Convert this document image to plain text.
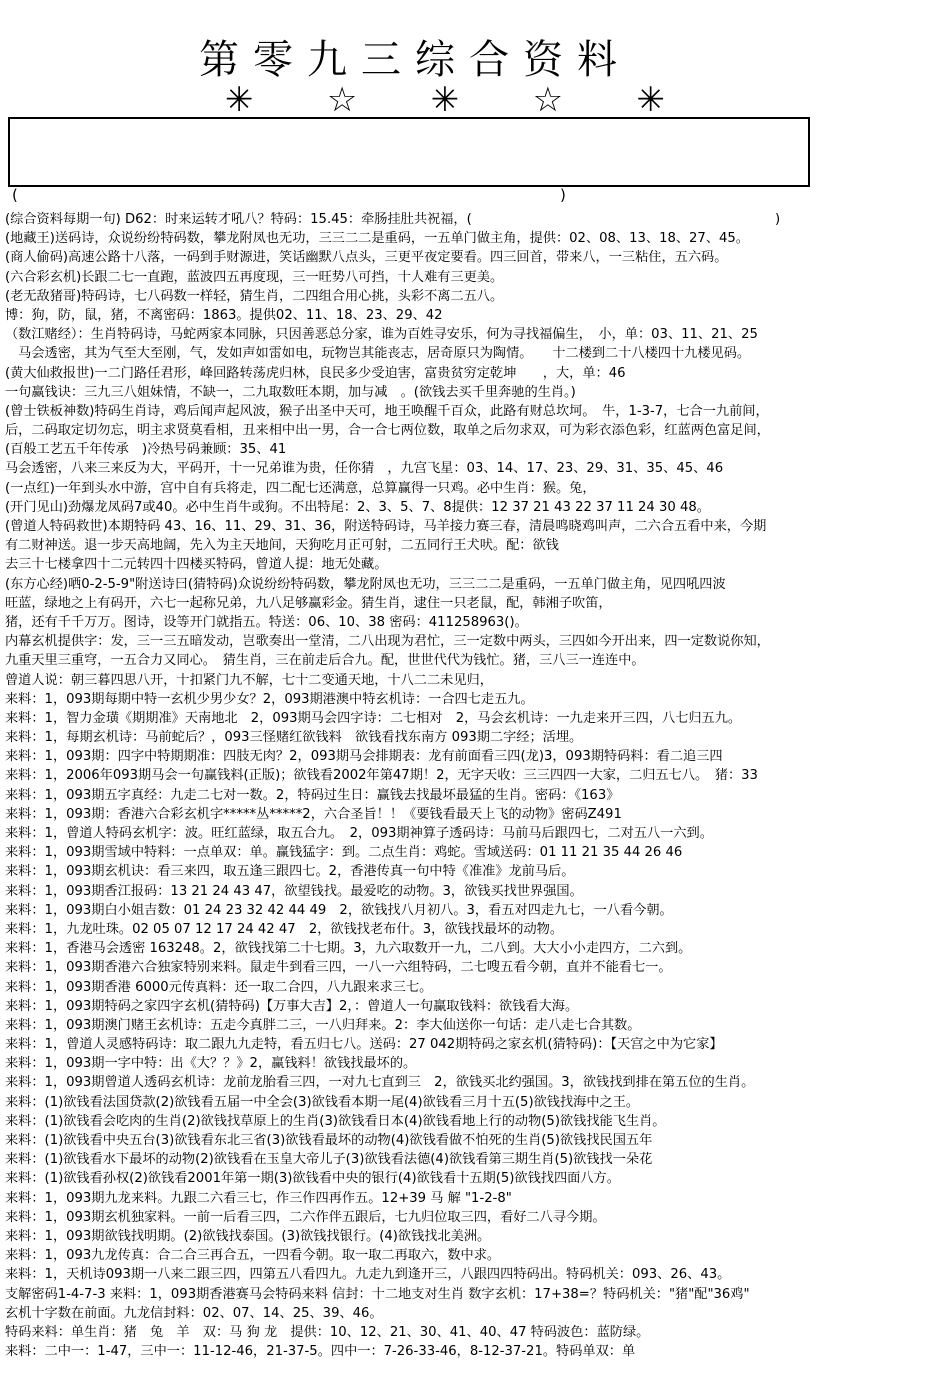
第零九三综合资料
✳ ☆ ✳ ☆ ✳
(	)
(综合资料每期一句) D62：时来运转才吼八？特码：15.45：牵肠挂肚共祝福，(　　　　　　　　　　　　　　　　　　　　　　　)
(地藏王)送码诗，众说纷纷特码数，攀龙附凤也无功，三三二二是重码，一五单门做主角，提供：02、08、13、18、27、45。
(商人偷码)高速公路十八落，一码到手财源进，笑话幽默八点头，三更平夜定要看。四三回首，带来八，一三粘住，五六码。
(六合彩玄机)长跟二七一直跑，蓝波四五再度现，三一旺势八可挡，十人难有三更美。
(老无敌猪哥)特码诗，七八码数一样轻，猜生肖，二四组合用心挑，头彩不离二五八。
博：狗，防，鼠，猪，不离密码：1863。提供02、11、18、23、29、42
（数江赌经）：生肖特码诗，马蛇两家本同脉，只因善恶总分家，谁为百姓寻安乐，何为寻找福偏生，　小，单：03、11、21、25
　马会透密，其为气至大至刚，气，发如声如雷如电，玩物岂其能丧志，居奇原只为陶情。　　十二楼到二十八楼四十九楼见码。
(黄大仙救报世)一二门路任君形，峰回路转荡虎归林，良民多少受迫害，富贵贫穷定乾坤　　，大，单：46
一句赢钱诀：三九三八姐妹情，不缺一，二九取数旺本期，加与减　。(欲钱去买千里奔驰的生肖。)
(曾士铁板神数)特码生肖诗，鸡后闻声起风波，猴子出圣中天可，地王唤醒千百众，此路有财总坎坷。　牛，1-3-7，七合一九前间，
后，二码取定切勿忘，明主求贤莫看相，丑来相中出一男，合一合七两位数，取单之后勿求双，可为彩衣添色彩，红蓝两色富足间，
(百般工艺五千年传承　)冷热号码兼顾：35、41
马会透密，八来三来反为大，平码开，十一兄弟谁为贵，任你猜　，九宫飞星：03、14、17、23、29、31、35、45、46
(一点红)一年到头水中游，宫中自有兵将走，四二配七还满意，总算赢得一只鸡。必中生肖：猴。兔，
(开门见山)劲爆龙凤码7或40。必中生肖牛或狗。不出特尾：2、3、5、7、8提供：12 37 21 43 22 37 11 24 30 48。
(曾道人特码救世)本期特码 43、16、11、29、31、36，附送特码诗，马羊接力赛三春，清晨鸣晓鸡叫声，二六合五看中来，今期
有二财神送。退一步天高地阔，先入为主天地间，天狗吃月正可射，二五同行王犬吠。配：欲钱
去三十七楼拿四十二元转四十四楼买特码，曾道人提：地无处藏。
(东方心经)哂0-2-5-9"附送诗曰(猜特码)众说纷纷特码数，攀龙附凤也无功，三三二二是重码，一五单门做主角，见四吼四波
旺蓝，绿地之上有码开，六七一起称兄弟，九八足够赢彩金。猜生肖，逮住一只老鼠，配，韩湘子吹笛，
猪，还有千千万万。图诗，设等开门就指五。特送：06、10、38 密码：411258963()。
内幕玄机提供字：发，三一三五暗发动，岂歌奏出一堂清，二八出现为君忙，三一定数中两头，三四如今开出来，四一定数说你知，
九重天里三重穹，一五合力又同心。　猜生肖，三在前走后合九。配，世世代代为钱忙。猪，三八三一连连中。
曾道人说：朝三暮四思八开，十扣紧门九不解，七十二变通天地，十八二二未见归，
来料：1，093期每期中特一玄机少男少女？2，093期港澳中特玄机诗：一合四七走五九。
来料：1，智力金璜《期期准》天南地北　2，093期马会四字诗：二七相对　2，马会玄机诗：一九走来开三四，八七归五九。
来料：1，每期玄机诗：马前蛇后？，093三怪赌红欲钱料　欲钱看找东南方 093期二字经；活埋。
来料：1，093期：四字中特期期准：四肢无肉？2，093期马会排期表：龙有前面看三四(龙)3，093期特码料：看二追三四
来料：1，2006年093期马会一句赢钱料(正版)；欲钱看2002年第47期！2，无字天收：三三四四一大家，二归五七八。　猪：33
来料：1，093期五字真经：九走二七对一数。2，特码过生日：赢钱去找最坏最猛的生肖。密码：《163》
来料：1，093期：香港六合彩玄机字*****丛*****2，六合圣旨！！《要钱看最天上飞的动物》密码Z491
来料：1，曾道人特码玄机字：波。旺红蓝绿，取五合九。　2，093期神算子透码诗：马前马后跟四七，二对五八一六到。
来料：1，093期雪域中特料：一点单双：单。赢钱猛字：到。二点生肖：鸡蛇。雪域送码：01 11 21 35 44 26 46
来料：1，093期玄机诀：看三来四，取五逢三跟四七。2，香港传真一句中特《准准》龙前马后。
来料：1，093期香江报码：13 21 24 43 47，欲望钱找。最爱吃的动物。3，欲钱买找世界强国。
来料：1，093期白小姐吉数：01 24 23 32 42 44 49　2，欲钱找八月初八。3，看五对四走九七，一八看今朝。
来料：1，九龙吐珠。02 05 07 12 17 24 42 47　2，欲钱找老布什。3，欲钱找最坏的动物。
来料：1，香港马会透密 163248。2，欲钱找第二十七期。3，九六取数开一九，二八到。大大小小走四方，二六到。
来料：1，093期香港六合独家特别来料。鼠走牛到看三四，一八一六组特码，二七嗖五看今朝，直并不能看七一。
来料：1，093期香港 6000元传真料：还一取二合四，八九跟来求三七。
来料：1，093期特码之家四字玄机(猜特码)【万事大吉】2，：曾道人一句赢取钱料：欲钱看大海。
来料：1，093期澳门赌王玄机诗：五走今真胖二三，一八归拜来。2：李大仙送你一句话：走八走七合其数。
来料：1，曾道人灵感特码诗：取二跟九九走特，看五归七八。送码：27 042期特码之家玄机(猜特码)：【天宫之中为它家】
来料：1，093期一字中特：出《大？？》2，赢钱料！欲钱找最坏的。
来料：1，093期曾道人透码玄机诗：龙前龙胎看三四，一对九七直到三　2，欲钱买北约强国。3，欲钱找到排在第五位的生肖。
来料：(1)欲钱看法国贷款(2)欲钱看五届一中全会(3)欲钱看本期一尾(4)欲钱看三月十五(5)欲钱找海中之王。
来料：(1)欲钱看会吃肉的生肖(2)欲钱找草原上的生肖(3)欲钱看日本(4)欲钱看地上行的动物(5)欲钱找能飞生肖。
来料：(1)欲钱看中央五台(3)欲钱看东北三省(3)欲钱看最坏的动物(4)欲钱看做不怕死的生肖(5)欲钱找民国五年
来料：(1)欲钱看水下最坏的动物(2)欲钱看在玉皇大帝儿子(3)欲钱看法德(4)欲钱看第三期生肖(5)欲钱找一朵花
来料：(1)欲钱看孙权(2)欲钱看2001年第一期(3)欲钱看中央的银行(4)欲钱看十五期(5)欲钱找四面八方。
来料：1，093期九龙来料。九跟二六看三七，作三作四再作五。12+39 马 解 "1-2-8"
来料：1，093期玄机独家料。一前一后看三四，二六作伴五跟后，七九归位取三四，看好二八寻今期。
来料：1，093期欲钱找明期。(2)欲钱找泰国。(3)欲钱找银行。(4)欲钱找北美洲。
来料：1，093九龙传真：合二合三再合五，一四看今朝。取一取二再取六，数中求。
来料：1，天机诗093期一八来二跟三四，四第五八看四九。九走九到逢开三，八跟四四特码出。特码机关：093、26、43。
支解密码1-4-7-3 来料：1，093期香港赛马会特码来料 信封：十二地支对生肖 数字玄机：17+38=？特码机关："猪"配"36鸡"
玄机十字数在前面。九龙信封料：02、07、14、25、39、46。
特码来料：单生肖：猪　兔　羊　双：马 狗 龙　提供：10、12、21、30、41、40、47 特码波色：蓝防绿。
来料：二中一：1-47，三中一：11-12-46，21-37-5。四中一：7-26-33-46，8-12-37-21。特码单双：单
